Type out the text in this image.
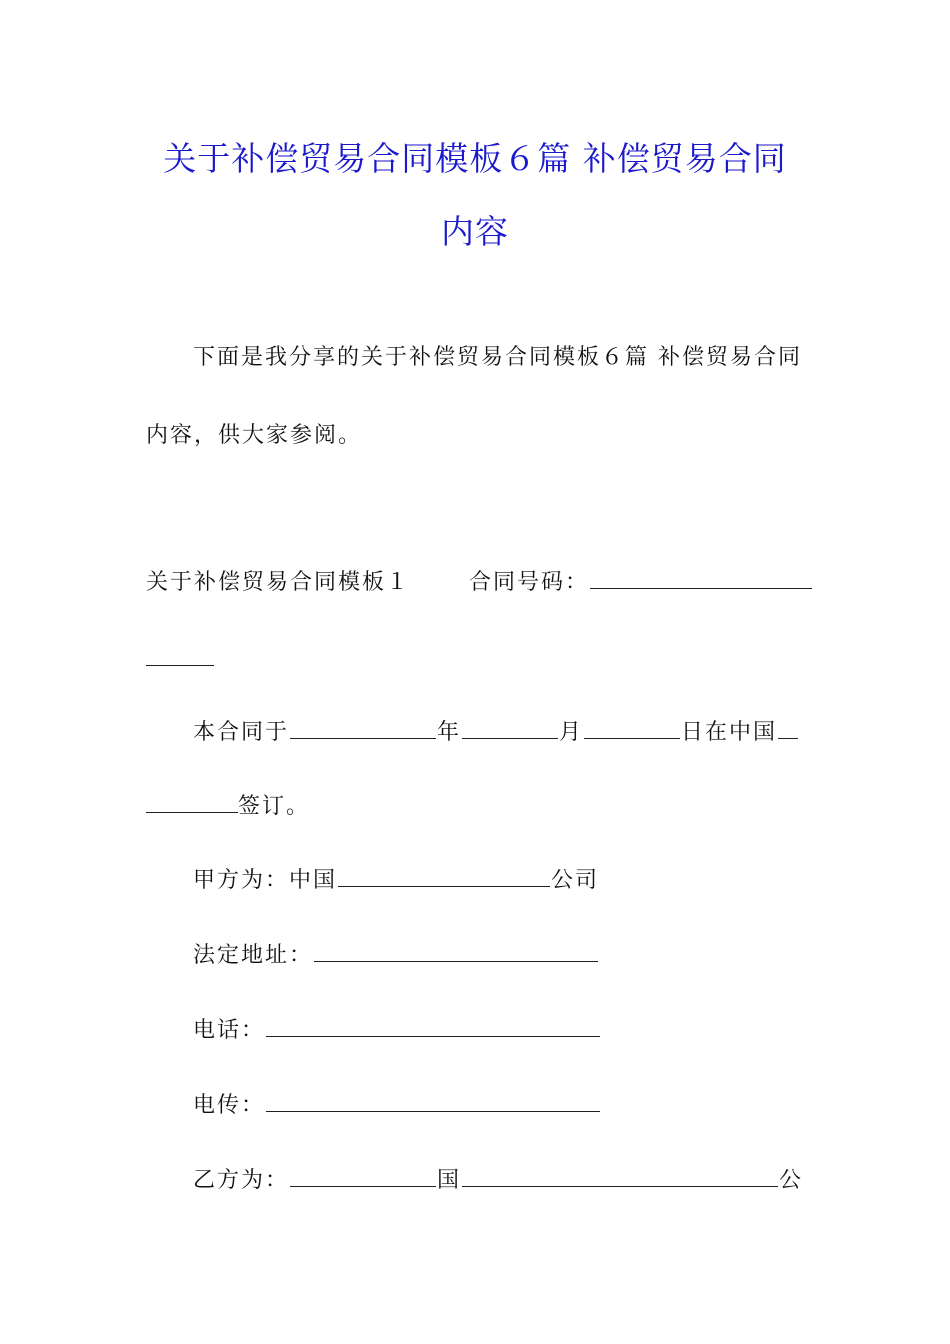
关于补偿贸易合同模板６篇 补偿贸易合同
内容
下面是我分享的关于补偿贸易合同模板６篇 补偿贸易合同
内容，供大家参阅。
关于补偿贸易合同模板１	合同号码：
本合同于	年	月	日在中国
签订。
甲方为：中国	公司
法定地址：
电话：
电传：
乙方为：	国	公
